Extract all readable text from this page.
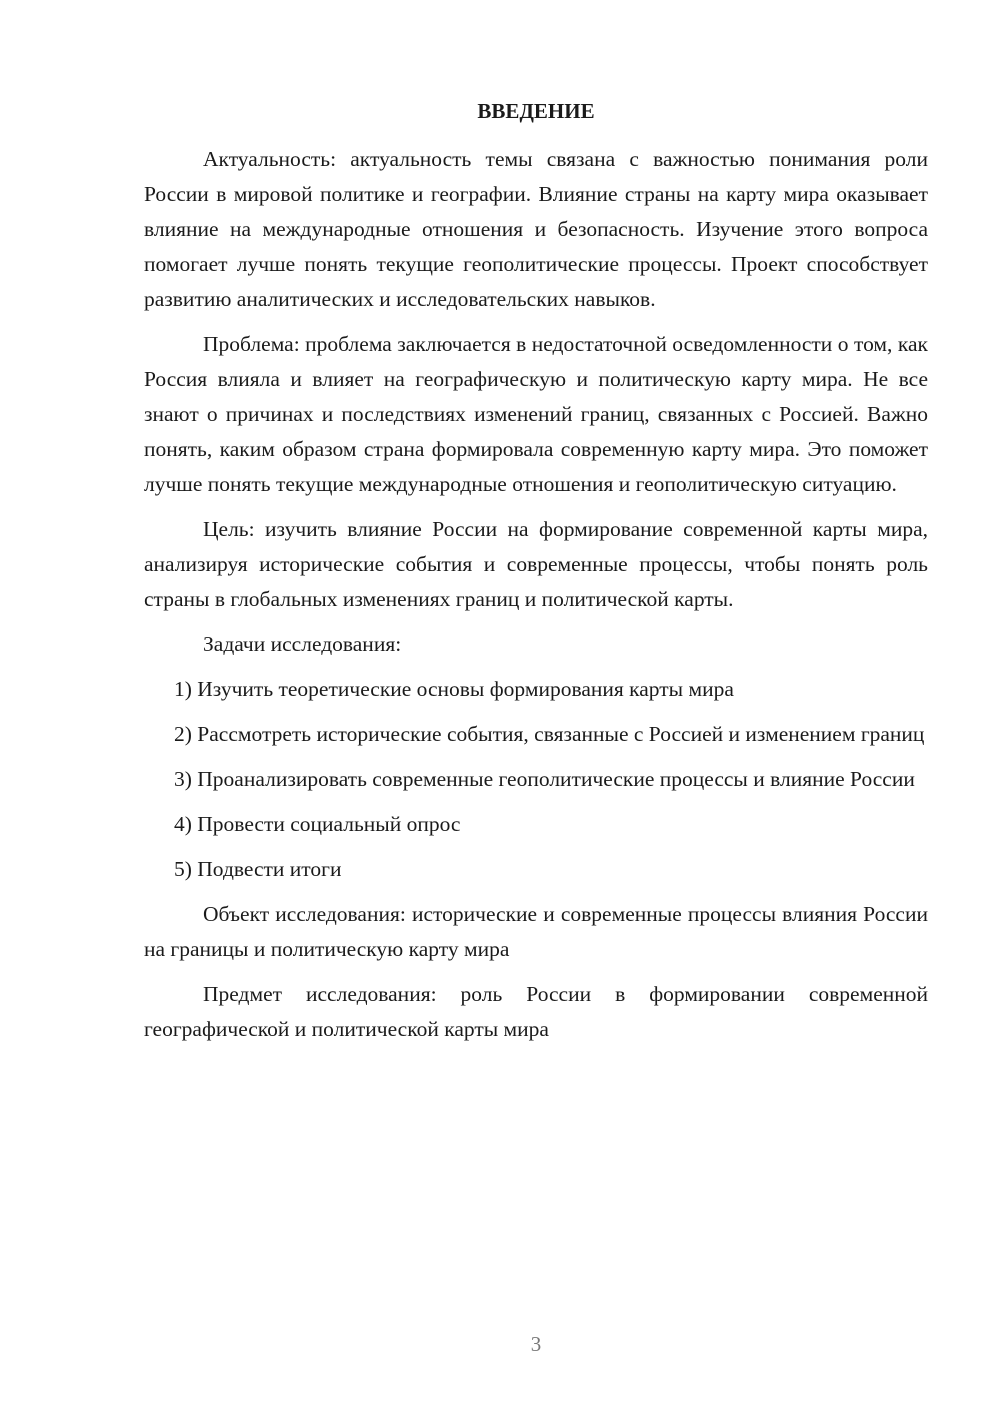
ВВЕДЕНИЕ

Актуальность: актуальность темы связана с важностью понимания роли России в мировой политике и географии. Влияние страны на карту мира оказывает влияние на международные отношения и безопасность. Изучение этого вопроса помогает лучше понять текущие геополитические процессы. Проект способствует развитию аналитических и исследовательских навыков.

Проблема: проблема заключается в недостаточной осведомленности о том, как Россия влияла и влияет на географическую и политическую карту мира. Не все знают о причинах и последствиях изменений границ, связанных с Россией. Важно понять, каким образом страна формировала современную карту мира. Это поможет лучше понять текущие международные отношения и геополитическую ситуацию.

Цель: изучить влияние России на формирование современной карты мира, анализируя исторические события и современные процессы, чтобы понять роль страны в глобальных изменениях границ и политической карты.

Задачи исследования:

1) Изучить теоретические основы формирования карты мира

2) Рассмотреть исторические события, связанные с Россией и изменением границ

3) Проанализировать современные геополитические процессы и влияние России

4) Провести социальный опрос

5) Подвести итоги

Объект исследования: исторические и современные процессы влияния России на границы и политическую карту мира

Предмет исследования: роль России в формировании современной географической и политической карты мира

3
